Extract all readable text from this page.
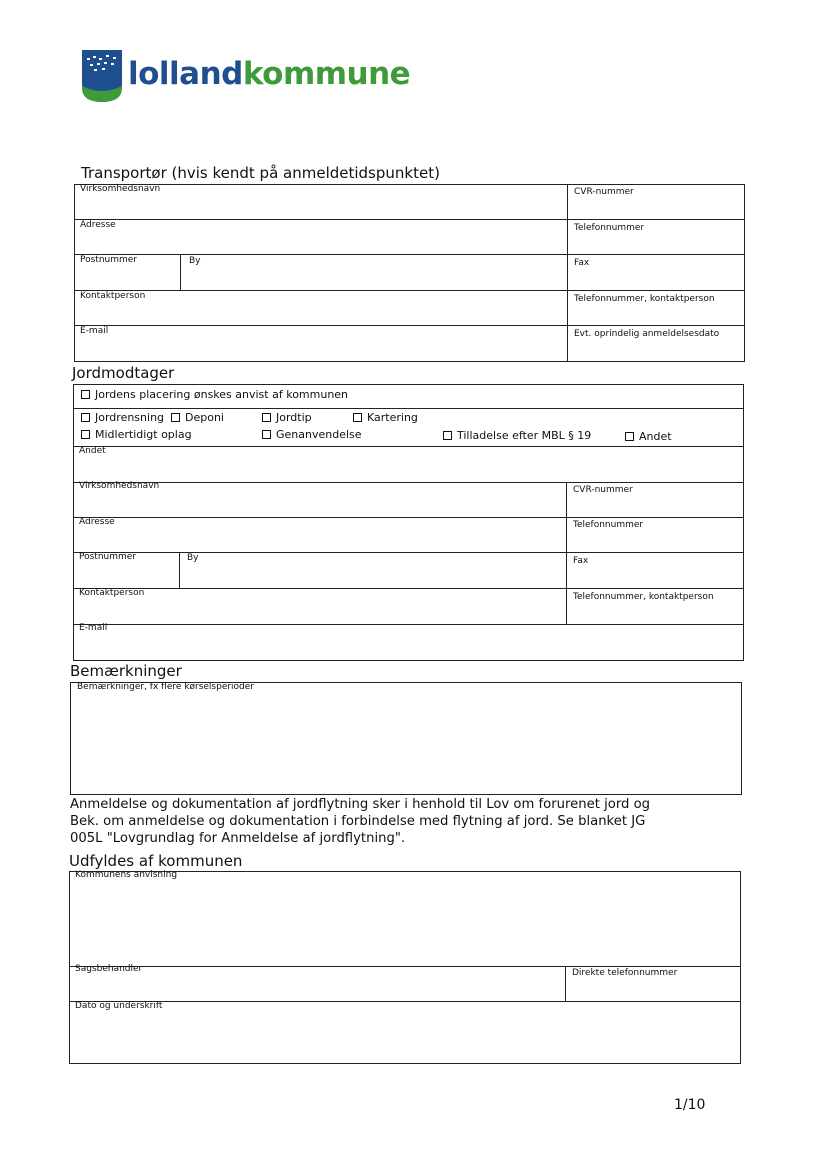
lollandkommune
Transportør (hvis kendt på anmeldetidspunktet)
Virksomhedsnavn	CVR-nummer
Adresse	Telefonnummer
Postnummer	By	Fax
Kontaktperson	Telefonnummer, kontaktperson
E-mail	Evt. oprindelig anmeldelsesdato
Jordmodtager
Jordens placering ønskes anvist af kommunen
Jordrensning Deponi	Jordtip	Kartering
Midlertidigt oplag	Genanvendelse	Tilladelse efter MBL § 19	Andet
Andet
Virksomhedsnavn	CVR-nummer
Adresse	Telefonnummer
Postnummer	By	Fax
Kontaktperson	Telefonnummer, kontaktperson
E-mail
Bemærkninger
Bemærkninger, fx flere kørselsperioder
Anmeldelse og dokumentation af jordflytning sker i henhold til Lov om forurenet jord og
Bek. om anmeldelse og dokumentation i forbindelse med flytning af jord. Se blanket JG
005L "Lovgrundlag for Anmeldelse af jordflytning".
Udfyldes af kommunen
Kommunens anvisning
Sagsbehandler	Direkte telefonnummer
Dato og underskrift
1/10
